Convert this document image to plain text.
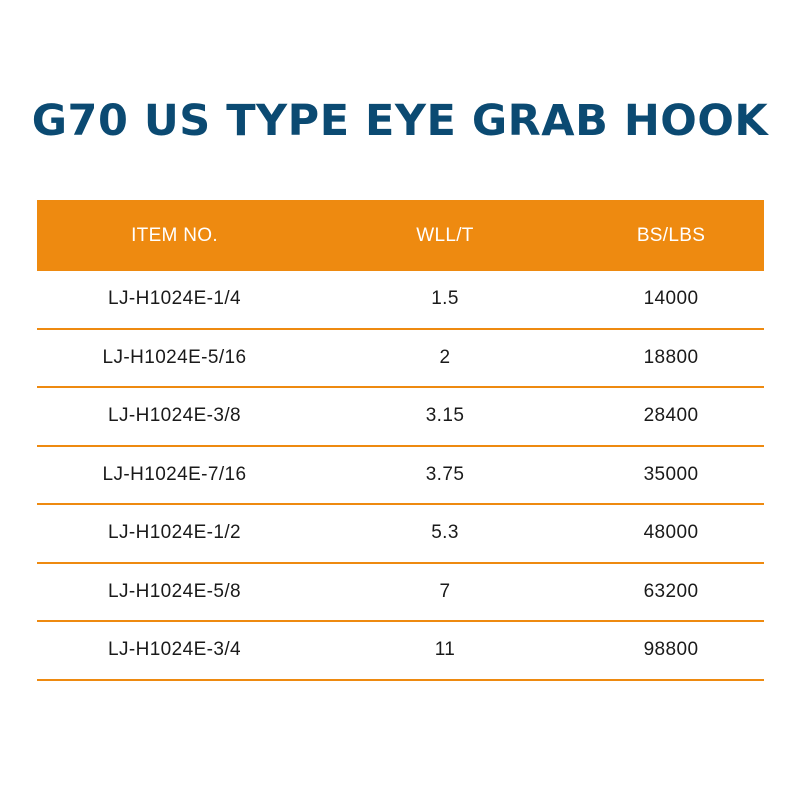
G70 US TYPE EYE GRAB HOOK
ITEM NO.	WLL/T	BS/LBS
LJ-H1024E-1/4	1.5	14000
LJ-H1024E-5/16	2	18800
LJ-H1024E-3/8	3.15	28400
LJ-H1024E-7/16	3.75	35000
LJ-H1024E-1/2	5.3	48000
LJ-H1024E-5/8	7	63200
LJ-H1024E-3/4	11	98800
